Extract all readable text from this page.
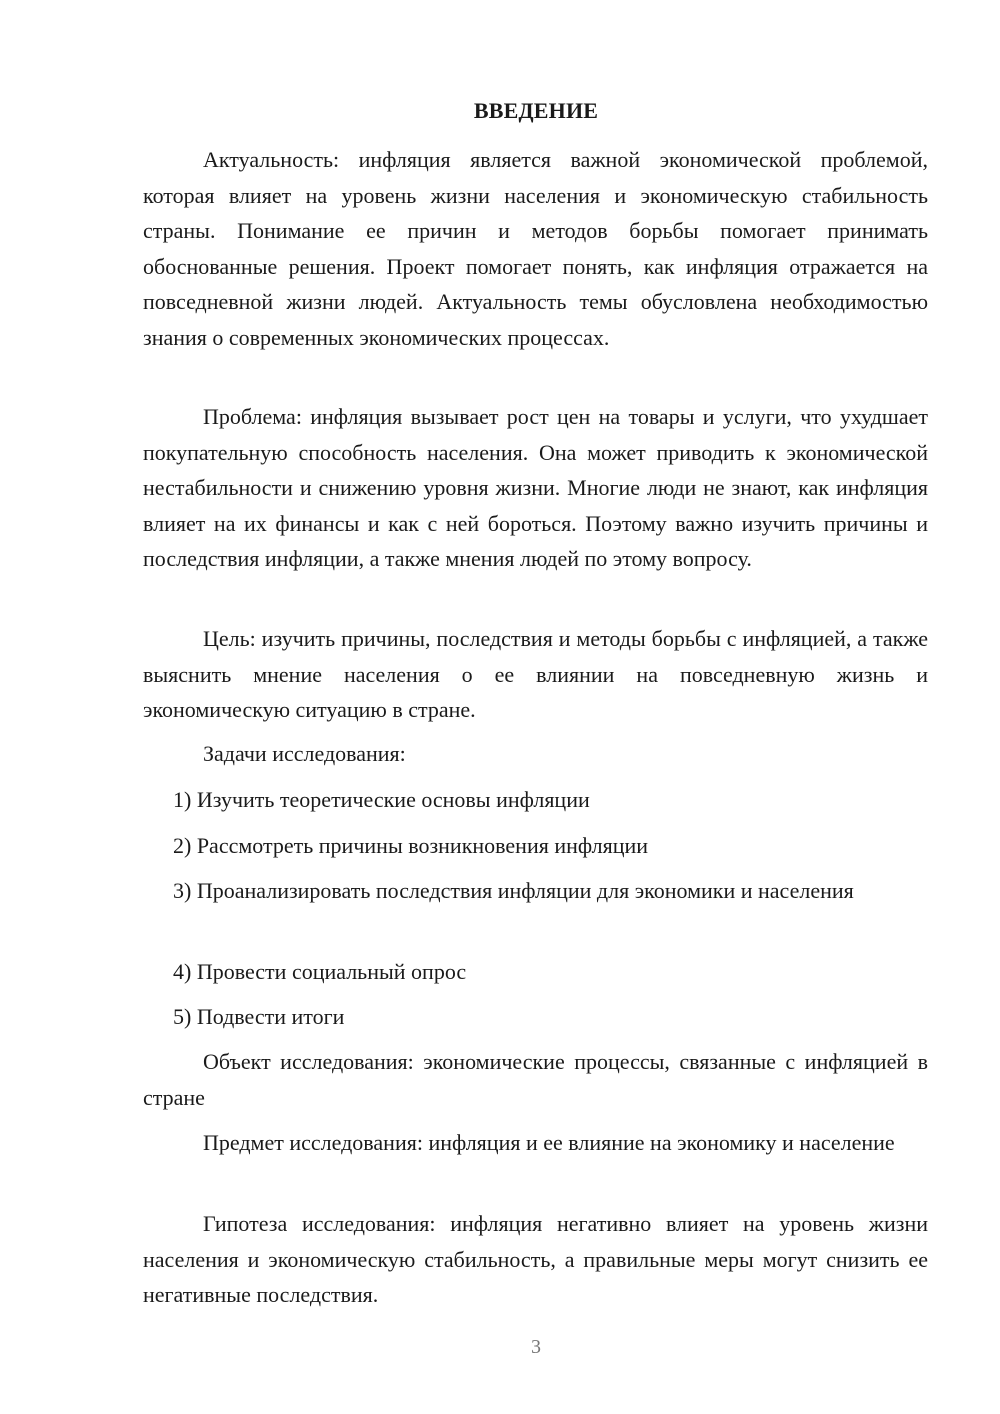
ВВЕДЕНИЕ

Актуальность: инфляция является важной экономической проблемой, которая влияет на уровень жизни населения и экономическую стабильность страны. Понимание ее причин и методов борьбы помогает принимать обоснованные решения. Проект помогает понять, как инфляция отражается на повседневной жизни людей. Актуальность темы обусловлена необходимостью знания о современных экономических процессах.

Проблема: инфляция вызывает рост цен на товары и услуги, что ухудшает покупательную способность населения. Она может приводить к экономической нестабильности и снижению уровня жизни. Многие люди не знают, как инфляция влияет на их финансы и как с ней бороться. Поэтому важно изучить причины и последствия инфляции, а также мнения людей по этому вопросу.

Цель: изучить причины, последствия и методы борьбы с инфляцией, а также выяснить мнение населения о ее влиянии на повседневную жизнь и экономическую ситуацию в стране.

Задачи исследования:

1) Изучить теоретические основы инфляции

2) Рассмотреть причины возникновения инфляции

3) Проанализировать последствия инфляции для экономики и населения

4) Провести социальный опрос

5) Подвести итоги

Объект исследования: экономические процессы, связанные с инфляцией в стране

Предмет исследования: инфляция и ее влияние на экономику и население

Гипотеза исследования: инфляция негативно влияет на уровень жизни населения и экономическую стабильность, а правильные меры могут снизить ее негативные последствия.

3
